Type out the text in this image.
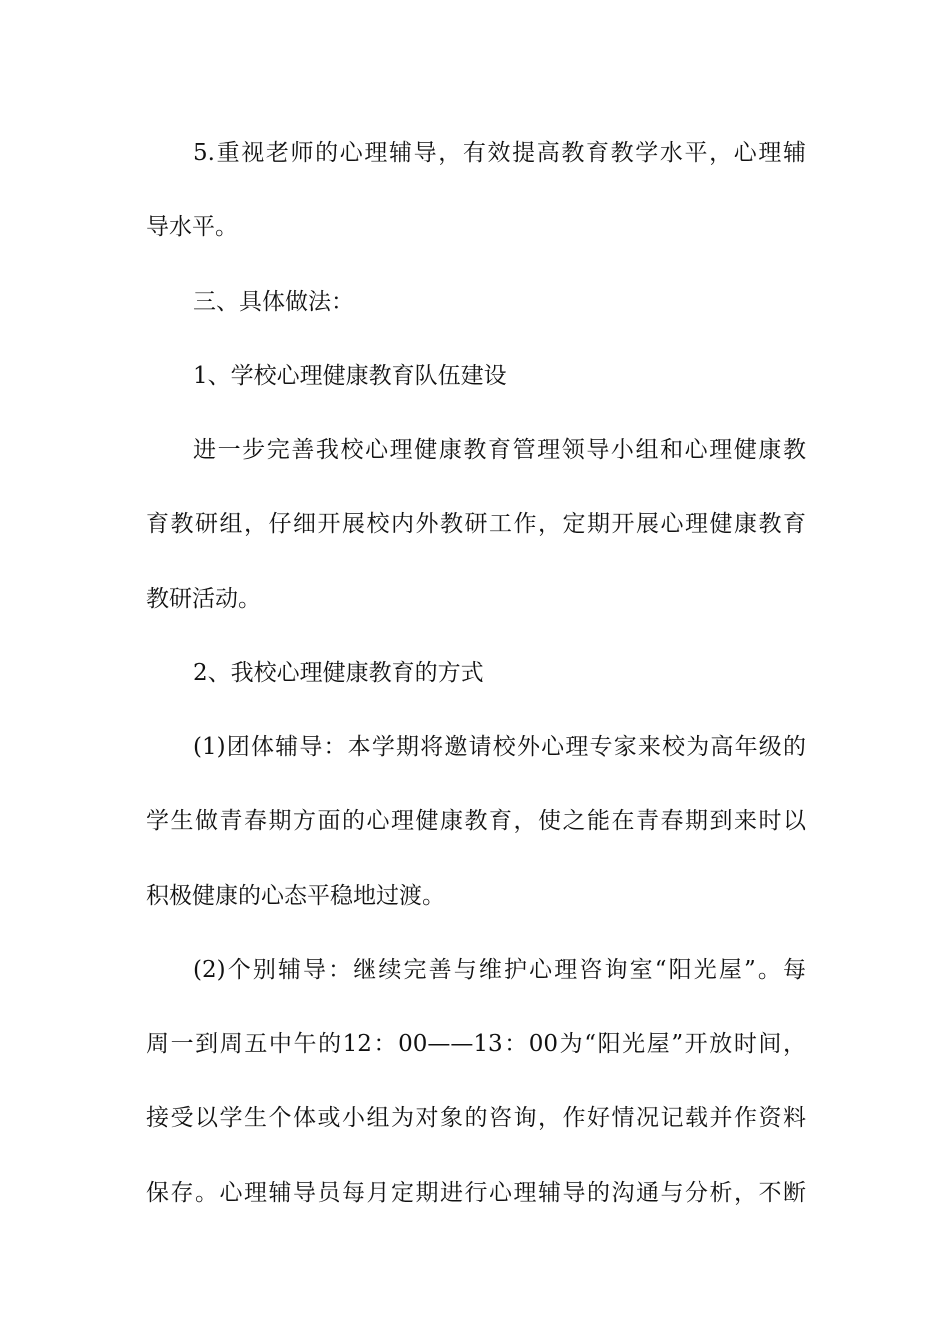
5.重视老师的心理辅导，有效提高教育教学水平，心理辅
导水平。
三、具体做法：
1、学校心理健康教育队伍建设
进一步完善我校心理健康教育管理领导小组和心理健康教
育教研组，仔细开展校内外教研工作，定期开展心理健康教育
教研活动。
2、我校心理健康教育的方式
(1)团体辅导：本学期将邀请校外心理专家来校为高年级的
学生做青春期方面的心理健康教育，使之能在青春期到来时以
积极健康的心态平稳地过渡。
(2)个别辅导：继续完善与维护心理咨询室“阳光屋”。每
周一到周五中午的12：00——13：00为“阳光屋”开放时间，
接受以学生个体或小组为对象的咨询，作好情况记载并作资料
保存。心理辅导员每月定期进行心理辅导的沟通与分析，不断
